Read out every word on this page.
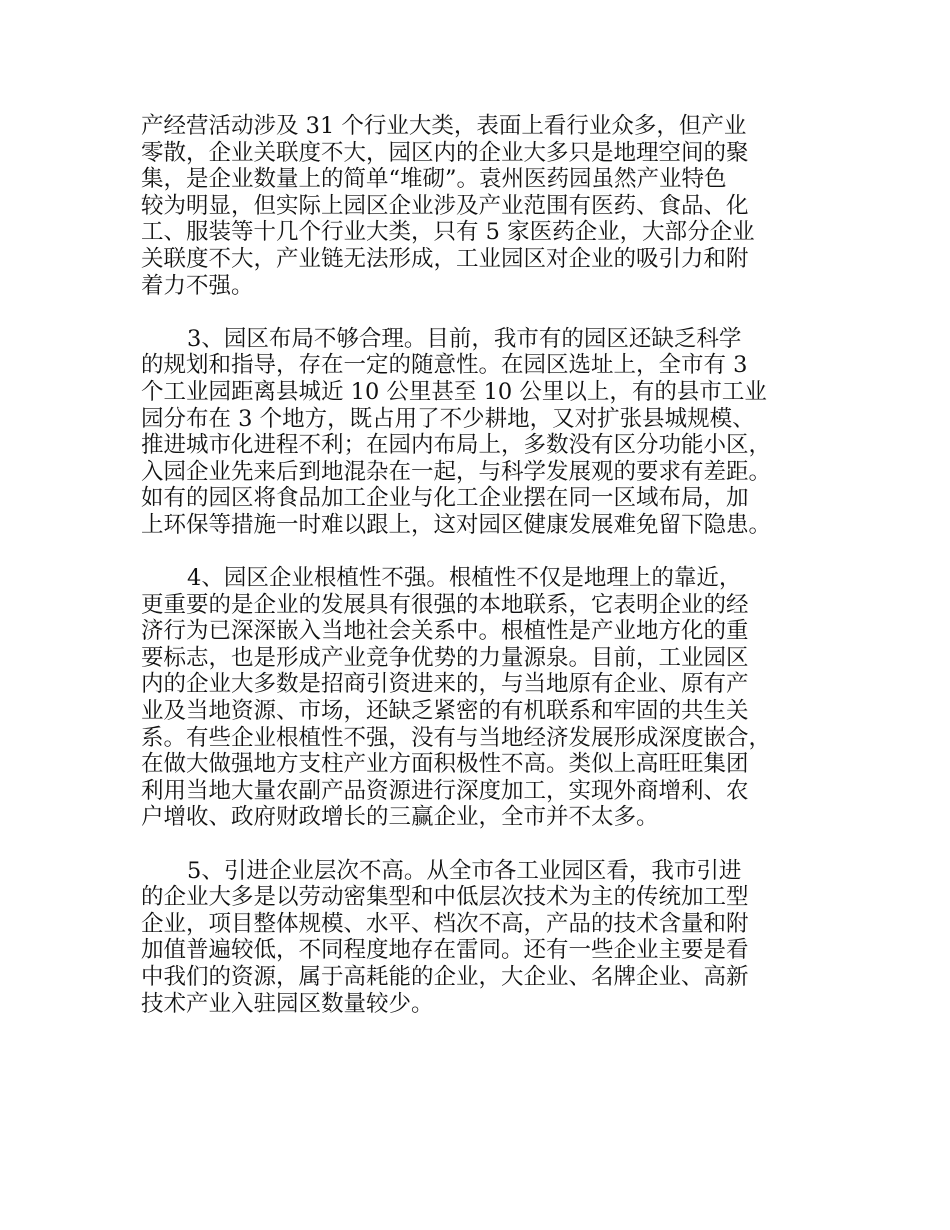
产经营活动涉及 31 个行业大类，表面上看行业众多，但产业
零散，企业关联度不大，园区内的企业大多只是地理空间的聚
集，是企业数量上的简单“堆砌”。袁州医药园虽然产业特色
较为明显，但实际上园区企业涉及产业范围有医药、食品、化
工、服装等十几个行业大类，只有 5 家医药企业，大部分企业
关联度不大，产业链无法形成，工业园区对企业的吸引力和附
着力不强。
3、园区布局不够合理。目前，我市有的园区还缺乏科学
的规划和指导，存在一定的随意性。在园区选址上，全市有 3
个工业园距离县城近 10 公里甚至 10 公里以上，有的县市工业
园分布在 3 个地方，既占用了不少耕地，又对扩张县城规模、
推进城市化进程不利；在园内布局上，多数没有区分功能小区，
入园企业先来后到地混杂在一起，与科学发展观的要求有差距。
如有的园区将食品加工企业与化工企业摆在同一区域布局，加
上环保等措施一时难以跟上，这对园区健康发展难免留下隐患。
4、园区企业根植性不强。根植性不仅是地理上的靠近，
更重要的是企业的发展具有很强的本地联系，它表明企业的经
济行为已深深嵌入当地社会关系中。根植性是产业地方化的重
要标志，也是形成产业竞争优势的力量源泉。目前，工业园区
内的企业大多数是招商引资进来的，与当地原有企业、原有产
业及当地资源、市场，还缺乏紧密的有机联系和牢固的共生关
系。有些企业根植性不强，没有与当地经济发展形成深度嵌合，
在做大做强地方支柱产业方面积极性不高。类似上高旺旺集团
利用当地大量农副产品资源进行深度加工，实现外商增利、农
户增收、政府财政增长的三赢企业，全市并不太多。
5、引进企业层次不高。从全市各工业园区看，我市引进
的企业大多是以劳动密集型和中低层次技术为主的传统加工型
企业，项目整体规模、水平、档次不高，产品的技术含量和附
加值普遍较低，不同程度地存在雷同。还有一些企业主要是看
中我们的资源，属于高耗能的企业，大企业、名牌企业、高新
技术产业入驻园区数量较少。
